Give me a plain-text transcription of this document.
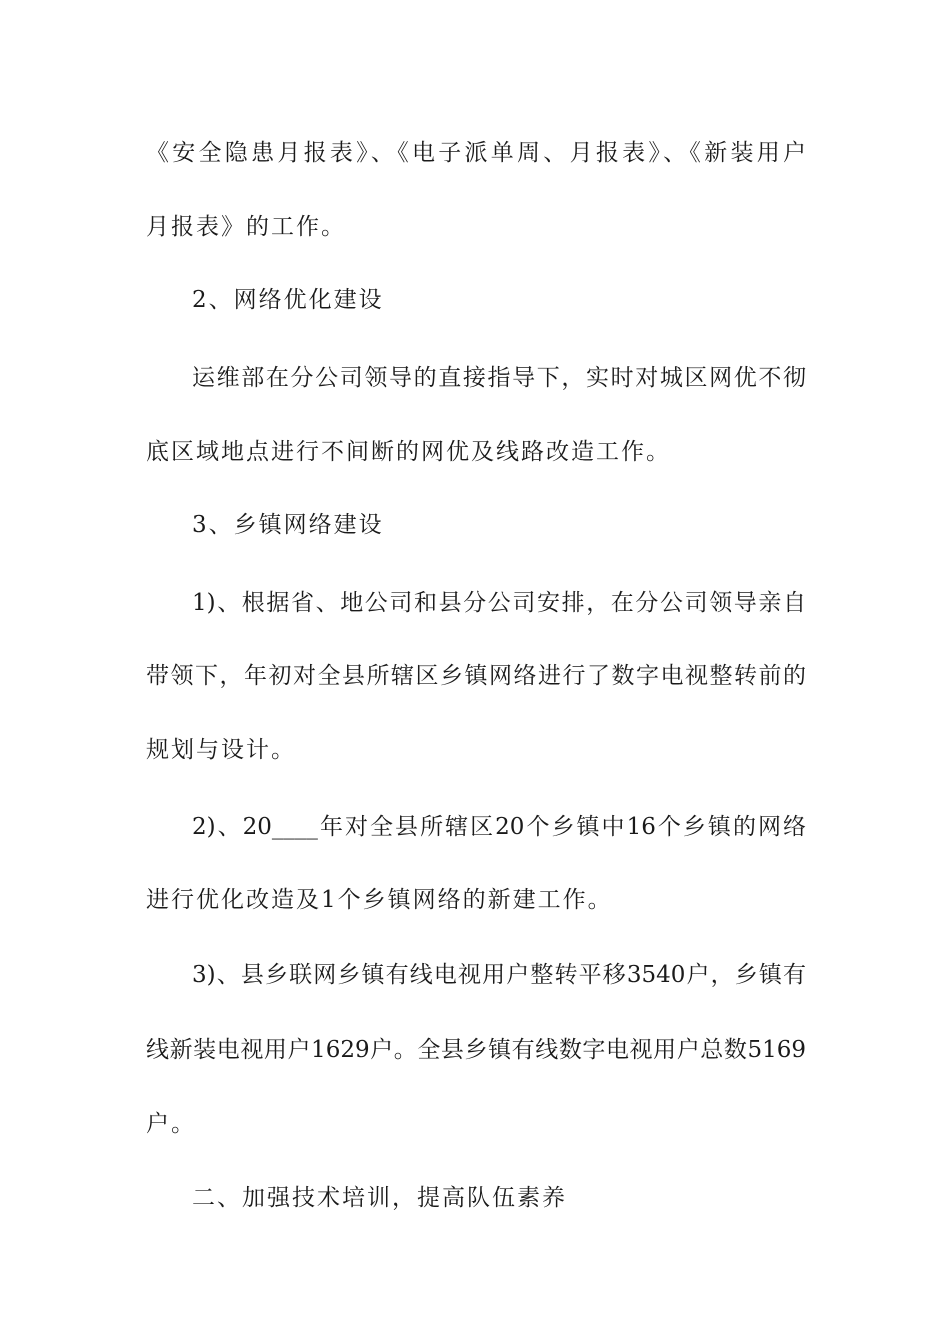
《安全隐患月报表》、《电子派单周、月报表》、《新装用户
月报表》的工作。
2、网络优化建设
运维部在分公司领导的直接指导下，实时对城区网优不彻
底区域地点进行不间断的网优及线路改造工作。
3、乡镇网络建设
1)、根据省、地公司和县分公司安排，在分公司领导亲自
带领下，年初对全县所辖区乡镇网络进行了数字电视整转前的
规划与设计。
2)、20____年对全县所辖区20个乡镇中16个乡镇的网络
进行优化改造及1个乡镇网络的新建工作。
3)、县乡联网乡镇有线电视用户整转平移3540户，乡镇有
线新装电视用户1629户。全县乡镇有线数字电视用户总数5169
户。
二、加强技术培训，提高队伍素养
